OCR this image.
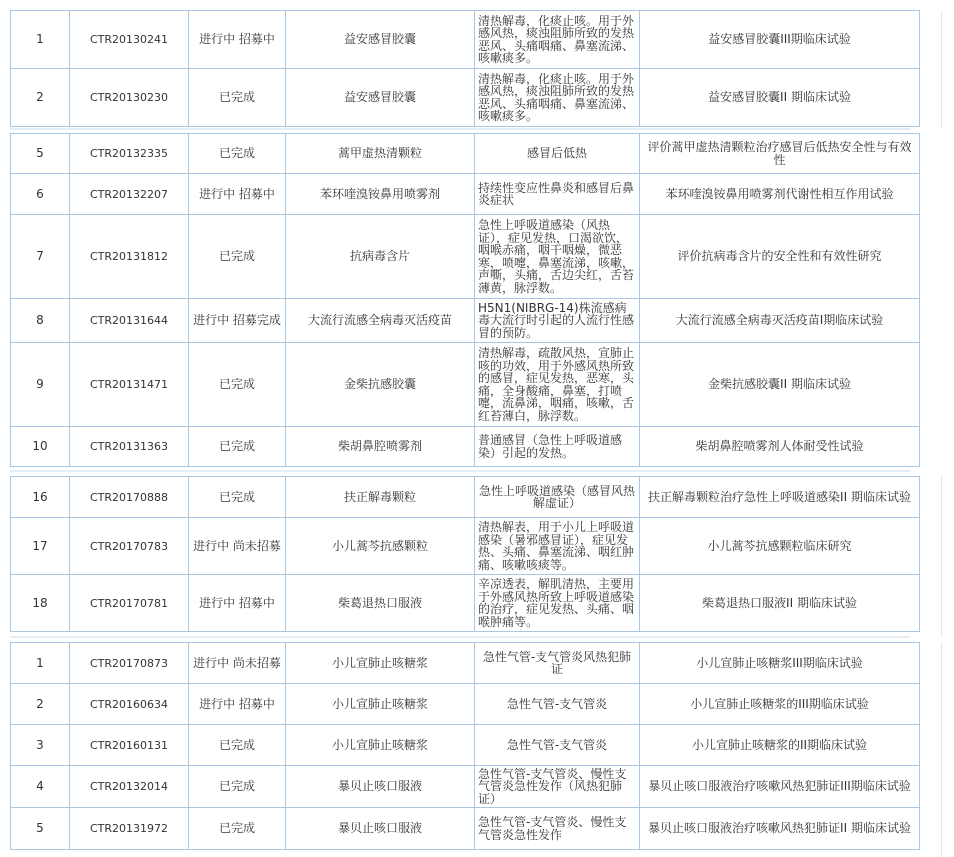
1	CTR20130241	进行中 招募中	益安感冒胶囊	清热解毒，化痰止咳。用于外感风热，痰浊阻肺所致的发热恶风、头痛咽痛、鼻塞流涕、咳嗽痰多。	益安感冒胶囊III期临床试验
2	CTR20130230	已完成	益安感冒胶囊	清热解毒，化痰止咳。用于外感风热，痰浊阻肺所致的发热恶风、头痛咽痛、鼻塞流涕、咳嗽痰多。	益安感冒胶囊II 期临床试验
5	CTR20132335	已完成	蒿甲虚热清颗粒	感冒后低热	评价蒿甲虚热清颗粒治疗感冒后低热安全性与有效性
6	CTR20132207	进行中 招募中	苯环喹溴铵鼻用喷雾剂	持续性变应性鼻炎和感冒后鼻炎症状	苯环喹溴铵鼻用喷雾剂代谢性相互作用试验
7	CTR20131812	已完成	抗病毒含片	急性上呼吸道感染（风热证），症见发热，口渴欲饮，咽喉赤痛，咽干咽燥，微恶寒，喷嚏，鼻塞流涕，咳嗽，声嘶，头痛，舌边尖红，舌苔薄黄，脉浮数。	评价抗病毒含片的安全性和有效性研究
8	CTR20131644	进行中 招募完成	大流行流感全病毒灭活疫苗	H5N1(NIBRG-14)株流感病毒大流行时引起的人流行性感冒的预防。	大流行流感全病毒灭活疫苗I期临床试验
9	CTR20131471	已完成	金柴抗感胶囊	清热解毒，疏散风热，宣肺止咳的功效，用于外感风热所致的感冒，症见发热，恶寒，头痛，全身酸痛，鼻塞，打喷嚏，流鼻涕，咽痛，咳嗽，舌红苔薄白，脉浮数。	金柴抗感胶囊II 期临床试验
10	CTR20131363	已完成	柴胡鼻腔喷雾剂	普通感冒（急性上呼吸道感染）引起的发热。	柴胡鼻腔喷雾剂人体耐受性试验
16	CTR20170888	已完成	扶正解毒颗粒	急性上呼吸道感染（感冒风热解虚证）	扶正解毒颗粒治疗急性上呼吸道感染II 期临床试验
17	CTR20170783	进行中 尚未招募	小儿蒿芩抗感颗粒	清热解表，用于小儿上呼吸道感染（暑邪感冒证），症见发热、头痛、鼻塞流涕、咽红肿痛、咳嗽咳痰等。	小儿蒿芩抗感颗粒临床研究
18	CTR20170781	进行中 招募中	柴葛退热口服液	辛凉透表，解肌清热，主要用于外感风热所致上呼吸道感染的治疗，症见发热、头痛、咽喉肿痛等。	柴葛退热口服液II 期临床试验
1	CTR20170873	进行中 尚未招募	小儿宣肺止咳糖浆	急性气管-支气管炎风热犯肺证	小儿宣肺止咳糖浆III期临床试验
2	CTR20160634	进行中 招募中	小儿宣肺止咳糖浆	急性气管-支气管炎	小儿宣肺止咳糖浆的III期临床试验
3	CTR20160131	已完成	小儿宣肺止咳糖浆	急性气管-支气管炎	小儿宣肺止咳糖浆的II期临床试验
4	CTR20132014	已完成	暴贝止咳口服液	急性气管-支气管炎、慢性支气管炎急性发作（风热犯肺证）	暴贝止咳口服液治疗咳嗽风热犯肺证III期临床试验
5	CTR20131972	已完成	暴贝止咳口服液	急性气管-支气管炎、慢性支气管炎急性发作	暴贝止咳口服液治疗咳嗽风热犯肺证II 期临床试验
